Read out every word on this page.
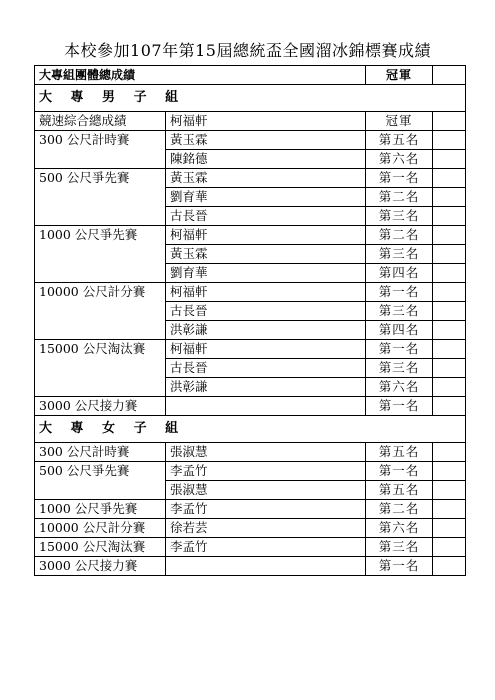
本校參加107年第15屆總統盃全國溜冰錦標賽成績
大專組團體總成績		冠軍	
大 專 男 子 組			
競速綜合總成績	柯福軒	冠軍	
300 公尺計時賽	黃玉霖	第五名	
	陳銘德	第六名	
500 公尺爭先賽	黃玉霖	第一名	
	劉育華	第二名	
	古長晉	第三名	
1000 公尺爭先賽	柯福軒	第二名	
	黃玉霖	第三名	
	劉育華	第四名	
10000 公尺計分賽	柯福軒	第一名	
	古長晉	第三名	
	洪彰謙	第四名	
15000 公尺淘汰賽	柯福軒	第一名	
	古長晉	第三名	
	洪彰謙	第六名	
3000 公尺接力賽		第一名	
大 專 女 子 組			
300 公尺計時賽	張淑慧	第五名	
500 公尺爭先賽	李孟竹	第一名	
	張淑慧	第五名	
1000 公尺爭先賽	李孟竹	第二名	
10000 公尺計分賽	徐若芸	第六名	
15000 公尺淘汰賽	李孟竹	第三名	
3000 公尺接力賽		第一名	
